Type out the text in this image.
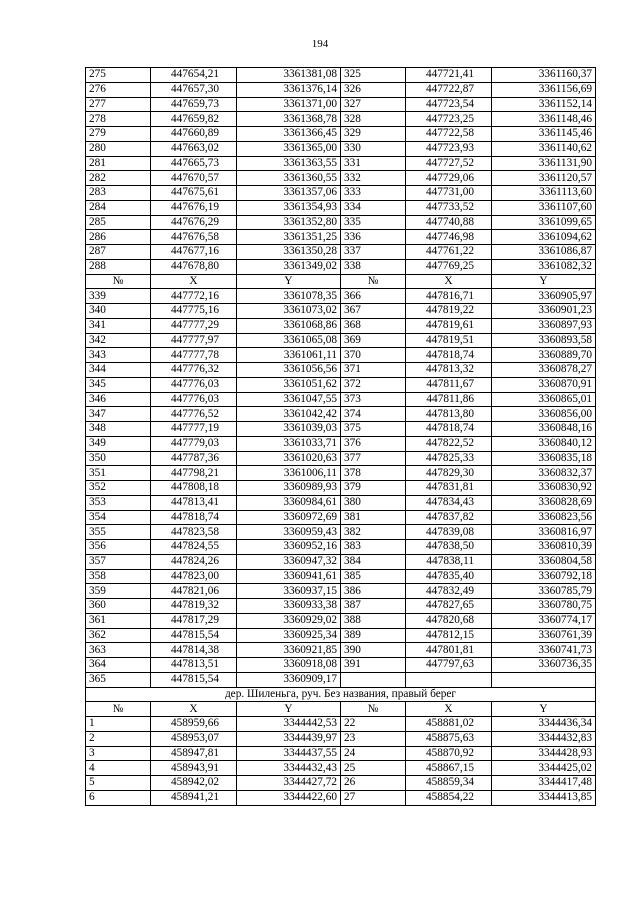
194
275	447654,21	3361381,08	325	447721,41	3361160,37
276	447657,30	3361376,14	326	447722,87	3361156,69
277	447659,73	3361371,00	327	447723,54	3361152,14
278	447659,82	3361368,78	328	447723,25	3361148,46
279	447660,89	3361366,45	329	447722,58	3361145,46
280	447663,02	3361365,00	330	447723,93	3361140,62
281	447665,73	3361363,55	331	447727,52	3361131,90
282	447670,57	3361360,55	332	447729,06	3361120,57
283	447675,61	3361357,06	333	447731,00	3361113,60
284	447676,19	3361354,93	334	447733,52	3361107,60
285	447676,29	3361352,80	335	447740,88	3361099,65
286	447676,58	3361351,25	336	447746,98	3361094,62
287	447677,16	3361350,28	337	447761,22	3361086,87
288	447678,80	3361349,02	338	447769,25	3361082,32
№	X	Y	№	X	Y
339	447772,16	3361078,35	366	447816,71	3360905,97
340	447775,16	3361073,02	367	447819,22	3360901,23
341	447777,29	3361068,86	368	447819,61	3360897,93
342	447777,97	3361065,08	369	447819,51	3360893,58
343	447777,78	3361061,11	370	447818,74	3360889,70
344	447776,32	3361056,56	371	447813,32	3360878,27
345	447776,03	3361051,62	372	447811,67	3360870,91
346	447776,03	3361047,55	373	447811,86	3360865,01
347	447776,52	3361042,42	374	447813,80	3360856,00
348	447777,19	3361039,03	375	447818,74	3360848,16
349	447779,03	3361033,71	376	447822,52	3360840,12
350	447787,36	3361020,63	377	447825,33	3360835,18
351	447798,21	3361006,11	378	447829,30	3360832,37
352	447808,18	3360989,93	379	447831,81	3360830,92
353	447813,41	3360984,61	380	447834,43	3360828,69
354	447818,74	3360972,69	381	447837,82	3360823,56
355	447823,58	3360959,43	382	447839,08	3360816,97
356	447824,55	3360952,16	383	447838,50	3360810,39
357	447824,26	3360947,32	384	447838,11	3360804,58
358	447823,00	3360941,61	385	447835,40	3360792,18
359	447821,06	3360937,15	386	447832,49	3360785,79
360	447819,32	3360933,38	387	447827,65	3360780,75
361	447817,29	3360929,02	388	447820,68	3360774,17
362	447815,54	3360925,34	389	447812,15	3360761,39
363	447814,38	3360921,85	390	447801,81	3360741,73
364	447813,51	3360918,08	391	447797,63	3360736,35
365	447815,54	3360909,17			
дер. Шиленьга, руч. Без названия, правый берег					
№	X	Y	№	X	Y
1	458959,66	3344442,53	22	458881,02	3344436,34
2	458953,07	3344439,97	23	458875,63	3344432,83
3	458947,81	3344437,55	24	458870,92	3344428,93
4	458943,91	3344432,43	25	458867,15	3344425,02
5	458942,02	3344427,72	26	458859,34	3344417,48
6	458941,21	3344422,60	27	458854,22	3344413,85
